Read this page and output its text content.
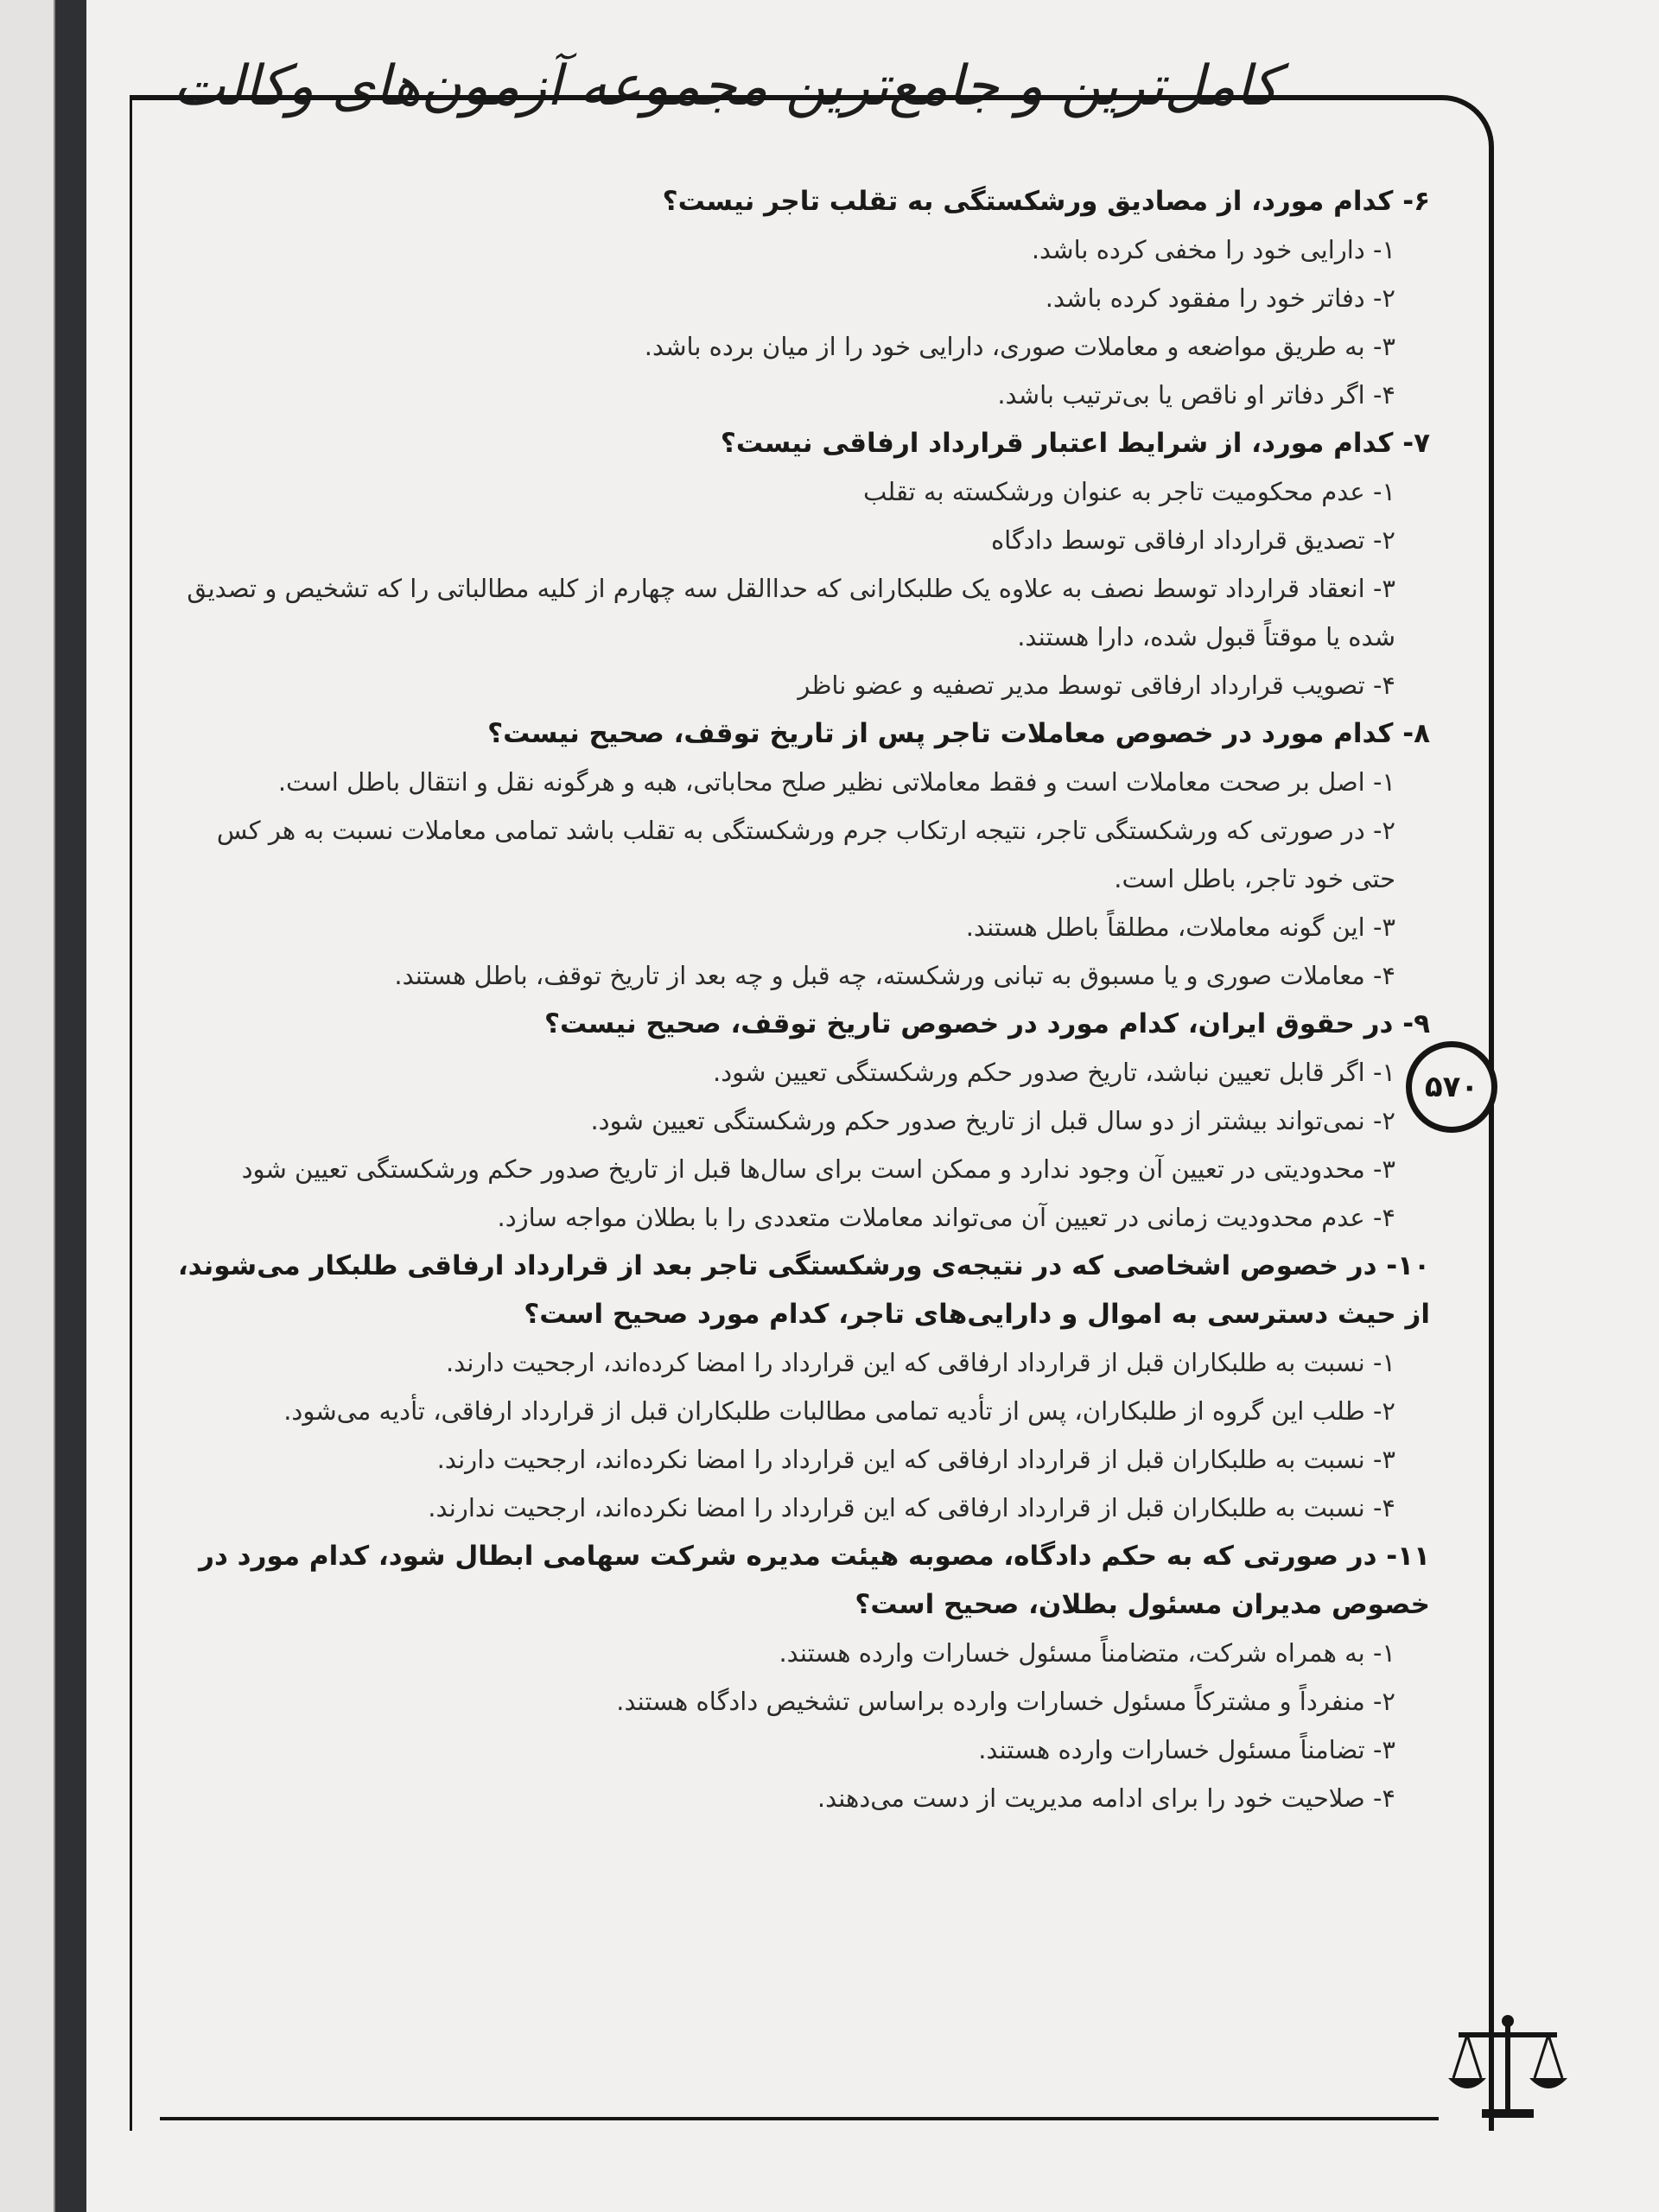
کامل‌ترین و جامع‌ترین مجموعه آزمون‌های وکالت
۵۷۰
۶- کدام مورد، از مصادیق ورشکستگی به تقلب تاجر نیست؟
۱- دارایی خود را مخفی کرده باشد.
۲- دفاتر خود را مفقود کرده باشد.
۳- به طریق مواضعه و معاملات صوری، دارایی خود را از میان برده باشد.
۴- اگر دفاتر او ناقص یا بی‌ترتیب باشد.
۷- کدام مورد، از شرایط اعتبار قرارداد ارفاقی نیست؟
۱- عدم محکومیت تاجر به عنوان ورشکسته به تقلب
۲- تصدیق قرارداد ارفاقی توسط دادگاه
۳- انعقاد قرارداد توسط نصف به علاوه یک طلبکارانی که حداالقل سه چهارم از کلیه مطالباتی را که تشخیص و تصدیق شده یا موقتاً قبول شده، دارا هستند.
۴- تصویب قرارداد ارفاقی توسط مدیر تصفیه و عضو ناظر
۸- کدام مورد در خصوص معاملات تاجر پس از تاریخ توقف، صحیح نیست؟
۱- اصل بر صحت معاملات است و فقط معاملاتی نظیر صلح محاباتی، هبه و هرگونه نقل و انتقال باطل است.
۲- در صورتی که ورشکستگی تاجر، نتیجه ارتکاب جرم ورشکستگی به تقلب باشد تمامی معاملات نسبت به هر کس حتی خود تاجر، باطل است.
۳- این گونه معاملات، مطلقاً باطل هستند.
۴- معاملات صوری و یا مسبوق به تبانی ورشکسته، چه قبل و چه بعد از تاریخ توقف، باطل هستند.
۹- در حقوق ایران، کدام مورد در خصوص تاریخ توقف، صحیح نیست؟
۱- اگر قابل تعیین نباشد، تاریخ صدور حکم ورشکستگی تعیین شود.
۲- نمی‌تواند بیشتر از دو سال قبل از تاریخ صدور حکم ورشکستگی تعیین شود.
۳- محدودیتی در تعیین آن وجود ندارد و ممکن است برای سال‌ها قبل از تاریخ صدور حکم ورشکستگی تعیین شود
۴- عدم محدودیت زمانی در تعیین آن می‌تواند معاملات متعددی را با بطلان مواجه سازد.
۱۰- در خصوص اشخاصی که در نتیجه‌ی ورشکستگی تاجر بعد از قرارداد ارفاقی طلبکار می‌شوند، از حیث دسترسی به اموال و دارایی‌های تاجر، کدام مورد صحیح است؟
۱- نسبت به طلبکاران قبل از قرارداد ارفاقی که این قرارداد را امضا کرده‌اند، ارجحیت دارند.
۲- طلب این گروه از طلبکاران، پس از تأدیه تمامی مطالبات طلبکاران قبل از قرارداد ارفاقی، تأدیه می‌شود.
۳- نسبت به طلبکاران قبل از قرارداد ارفاقی که این قرارداد را امضا نکرده‌اند، ارجحیت دارند.
۴- نسبت به طلبکاران قبل از قرارداد ارفاقی که این قرارداد را امضا نکرده‌اند، ارجحیت ندارند.
۱۱- در صورتی که به حکم دادگاه، مصوبه هیئت مدیره شرکت سهامی ابطال شود، کدام مورد در خصوص مدیران مسئول بطلان، صحیح است؟
۱- به همراه شرکت، متضامناً مسئول خسارات وارده هستند.
۲- منفرداً و مشترکاً مسئول خسارات وارده براساس تشخیص دادگاه هستند.
۳- تضامناً مسئول خسارات وارده هستند.
۴- صلاحیت خود را برای ادامه مدیریت از دست می‌دهند.
